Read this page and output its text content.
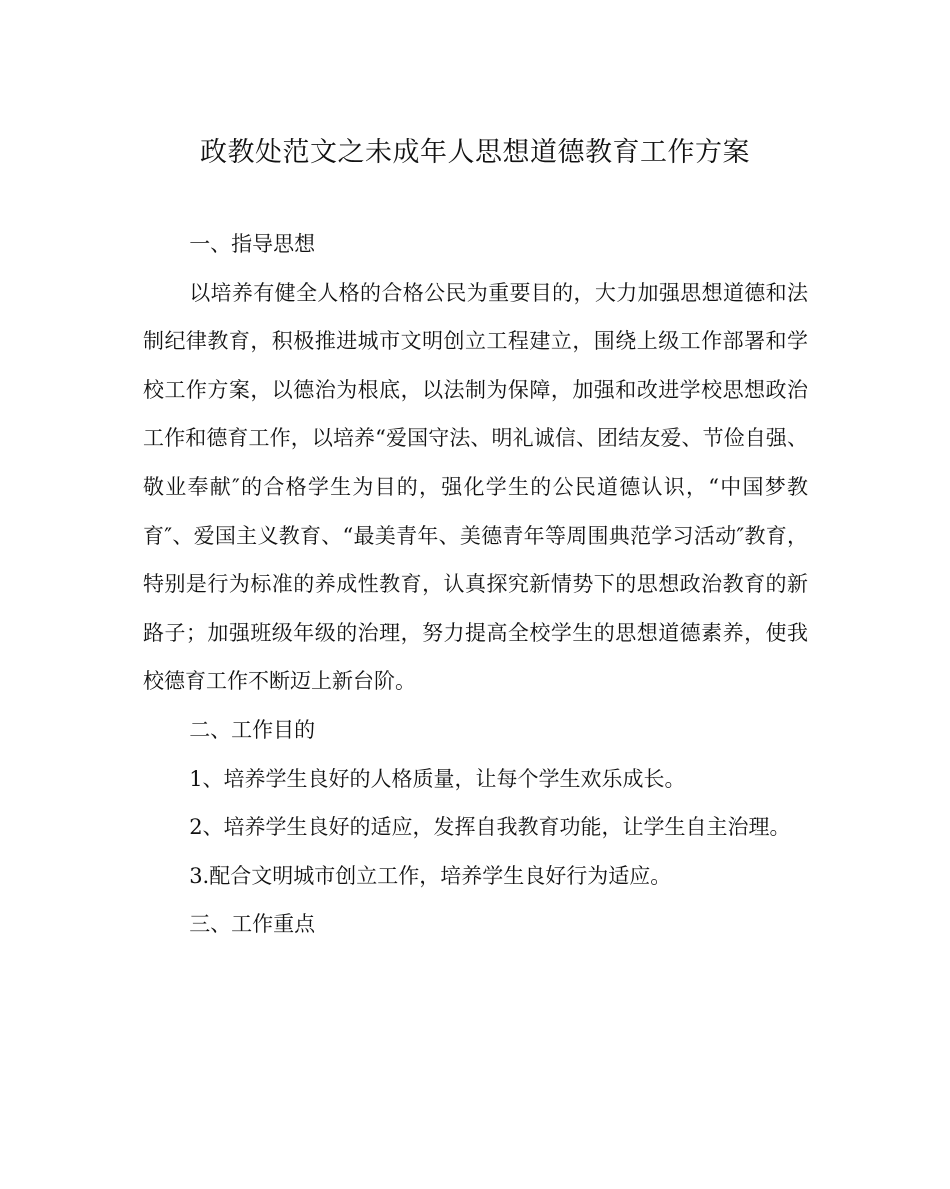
政教处范文之未成年人思想道德教育工作方案

一、指导思想

以培养有健全人格的合格公民为重要目的，大力加强思想道德和法制纪律教育，积极推进城市文明创立工程建立，围绕上级工作部署和学校工作方案，以德治为根底，以法制为保障，加强和改进学校思想政治工作和德育工作，以培养“爱国守法、明礼诚信、团结友爱、节俭自强、敬业奉献″的合格学生为目的，强化学生的公民道德认识，“中国梦教育″、爱国主义教育、“最美青年、美德青年等周围典范学习活动″教育，特别是行为标准的养成性教育，认真探究新情势下的思想政治教育的新路子；加强班级年级的治理，努力提高全校学生的思想道德素养，使我校德育工作不断迈上新台阶。

二、工作目的

1、培养学生良好的人格质量，让每个学生欢乐成长。

2、培养学生良好的适应，发挥自我教育功能，让学生自主治理。

3.配合文明城市创立工作，培养学生良好行为适应。

三、工作重点
